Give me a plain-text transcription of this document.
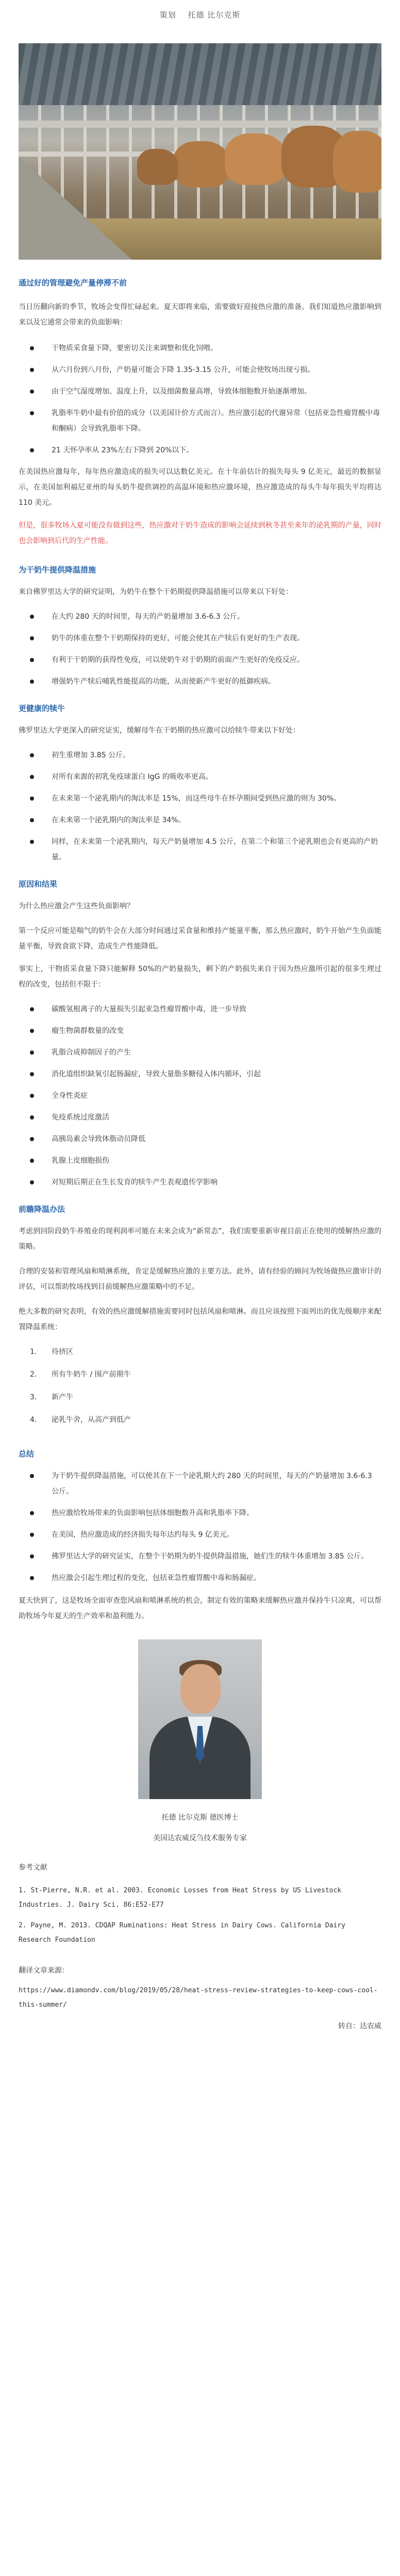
策划 托德 比尔克斯

通过好的管理避免产量停滞不前

当日历翻向新的季节，牧场会变得忙碌起来。夏天即将来临，需要做好迎接热应激的准备。我们知道热应激影响到来以及它通常会带来的负面影响：

干物质采食量下降，要密切关注来调整和优化饲喂。
从六月份到八月份，产奶量可能会下降 1.35-3.15 公升，可能会使牧场出现亏损。
由于空气湿度增加、温度上升，以及细菌数量高增，导致体细胞数开始逐渐增加。
乳脂率牛奶中最有价值的成分（以美国计价方式而言）。热应激引起的代谢异常（包括亚急性瘤胃酸中毒和酮病）会导致乳脂率下降。
21 天怀孕率从 23%左右下降到 20%以下。

在美国热应激每年，每年热应激造成的损失可以达数亿美元。在十年前估计的损失每头 9 亿美元，最近的数据显示，在美国加利福尼亚州的每头奶牛提供调控的高温环境和热应激环境，热应激造成的每头牛每年损失平均将达 110 美元。

但是，很多牧场入夏可能没有做到这些，热应激对于奶牛造成的影响会延续到秋冬甚至来年的泌乳期的产量，同时也会影响到后代的生产性能。

为干奶牛提供降温措施

来自佛罗里达大学的研究证明，为奶牛在整个干奶期提供降温措施可以带来以下好处：

在大约 280 天的时间里，每天的产奶量增加 3.6-6.3 公斤。
奶牛的体重在整个干奶期保持的更好，可能会使其在产犊后有更好的生产表现。
有利于干奶期的获得性免疫，可以使奶牛对于奶期的前面产生更好的免疫反应。
增强奶牛产犊后哺乳性能提高的功能，从而使新产牛更好的抵御疾病。

更健康的犊牛

佛罗里达大学更深入的研究证实，缓解母牛在干奶期的热应激可以给犊牛带来以下好处：

初生重增加 3.85 公斤。
对所有来源的初乳免疫球蛋白 IgG 的吸收率更高。
在未来第一个泌乳期内的淘汰率是 15%，而这些母牛在怀孕期间受到热应激的则为 30%。
在未来第一个泌乳期内的淘汰率是 34%。
同样，在未来第一个泌乳期内，每天产奶量增加 4.5 公斤，在第二个和第三个泌乳期也会有更高的产奶量。

原因和结果

为什么热应激会产生这些负面影响？

第一个反应可能是喘气的奶牛会在大部分时间通过采食量和维持产能量平衡，那么热应激时，奶牛开始产生负面能量平衡，导致食欲下降，造成生产性能降低。

事实上，干物质采食量下降只能解释 50%的产奶量损失，剩下的产奶损失来自于因为热应激所引起的很多生理过程的改变，包括但不限于：

碳酸氢根离子的大量损失引起亚急性瘤胃酸中毒，进一步导致
瘤生物菌群数量的改变
乳脂合成抑制因子的产生
消化道组织缺氧引起肠漏症，导致大量脂多糖侵入体内循环，引起
全身性炎症
免疫系统过度激活
高胰岛素会导致体脂动员降低
乳腺上皮细胞损伤
对短期后期正在生长发育的犊牛产生表观遗传学影响

前瞻降温办法

考虑到回阶段奶牛养殖业的现利润率可能在未来会成为“新常态”，我们需要重新审视目前正在使用的缓解热应激的策略。

合理的安装和管理风扇和喷淋系统，肯定是缓解热应激的主要方法。此外，请有经验的顾问为牧场做热应激审计的评估，可以帮助牧场找到目前缓解热应激策略中的不足。

绝大多数的研究表明，有效的热应激缓解措施需要同时包括风扇和喷淋。而且应该按照下面列出的优先级顺序来配置降温系统：

1. 待挤区
2. 所有牛奶牛 / 围产前期牛
3. 新产牛
4. 泌乳牛舍，从高产到低产

总结

为干奶牛提供降温措施，可以使其在下一个泌乳期大约 280 天的时间里，每天的产奶量增加 3.6-6.3 公斤。
热应激给牧场带来的负面影响包括体细胞数升高和乳脂率下降。
在美国，热应激造成的经济损失每年达约每头 9 亿美元。
佛罗里达大学的研究证实，在整个干奶期为奶牛提供降温措施，她们生的犊牛体重增加 3.85 公斤。
热应激会引起生理过程的变化，包括亚急性瘤胃酸中毒和肠漏症。

夏天快到了，这是牧场全面审查您风扇和喷淋系统的机会，制定有效的策略来缓解热应激并保持牛只凉爽，可以帮助牧场今年夏天的生产效率和盈利能力。

托德 比尔克斯 德医博士

美国达农威反刍技术服务专家

参考文献

1. St-Pierre, N.R. et al. 2003. Economic Losses from Heat Stress by US Livestock Industries. J. Dairy Sci. 86:E52-E77

2. Payne, M. 2013. CDQAP Ruminations: Heat Stress in Dairy Cows. California Dairy Research Foundation

翻译文章来源：

https://www.diamondv.com/blog/2019/05/28/heat-stress-review-strategies-to-keep-cows-cool-this-summer/

转自：达农威
